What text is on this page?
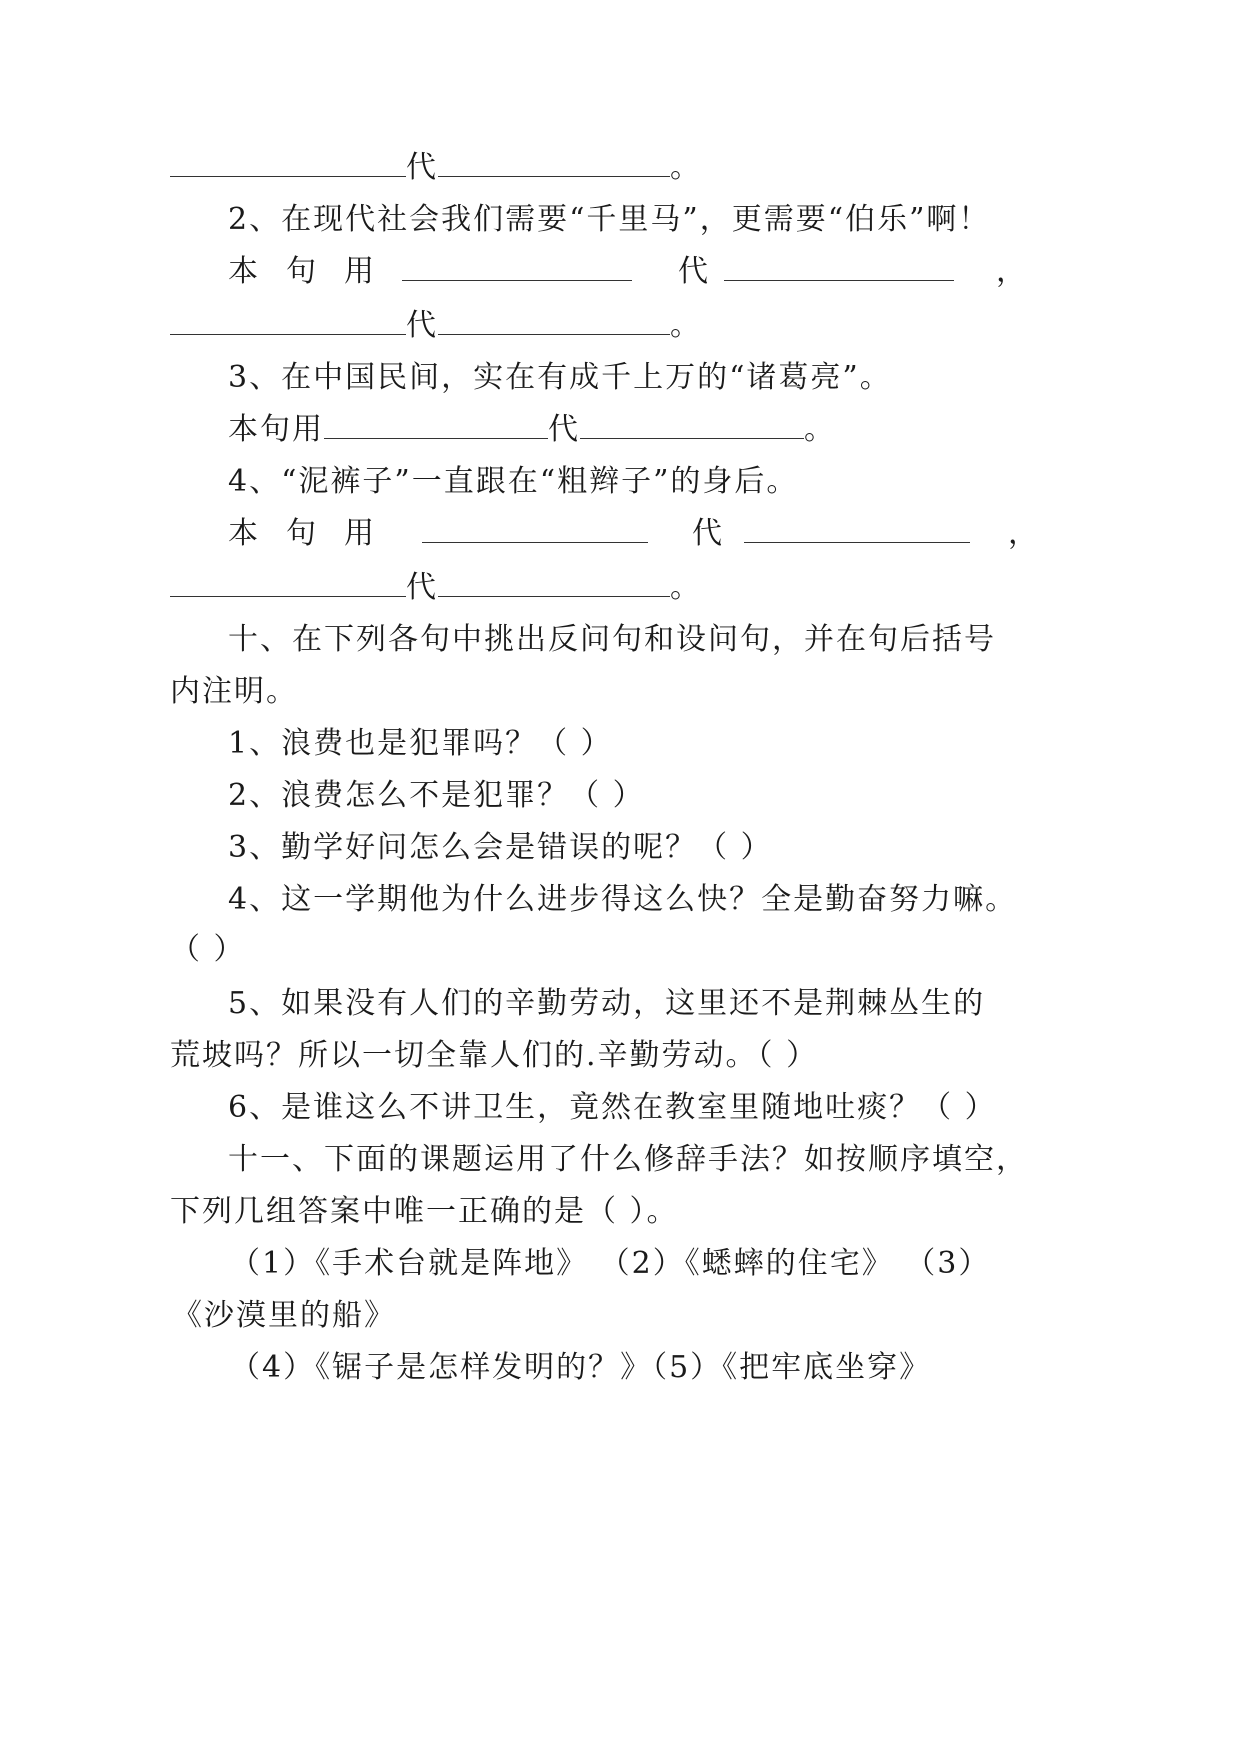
代	。

2、在现代社会我们需要“千里马”，更需要“伯乐”啊！

本句用	代	，

代	。

3、在中国民间，实在有成千上万的“诸葛亮”。

本句用	代	。

4、“泥裤子”一直跟在“粗辫子”的身后。

本句用	代	，

代	。

十、在下列各句中挑出反问句和设问句，并在句后括号

内注明。

1、浪费也是犯罪吗？（ ）

2、浪费怎么不是犯罪？（ ）

3、勤学好问怎么会是错误的呢？（ ）

4、这一学期他为什么进步得这么快？全是勤奋努力嘛。

（ ）

5、如果没有人们的辛勤劳动，这里还不是荆棘丛生的

荒坡吗？所以一切全靠人们的.辛勤劳动。（ ）

6、是谁这么不讲卫生，竟然在教室里随地吐痰？（ ）

十一、下面的课题运用了什么修辞手法？如按顺序填空，

下列几组答案中唯一正确的是（ ）。

（1）《手术台就是阵地》 （2）《蟋蟀的住宅》 （3）

《沙漠里的船》

（4）《锯子是怎样发明的？》（5）《把牢底坐穿》
